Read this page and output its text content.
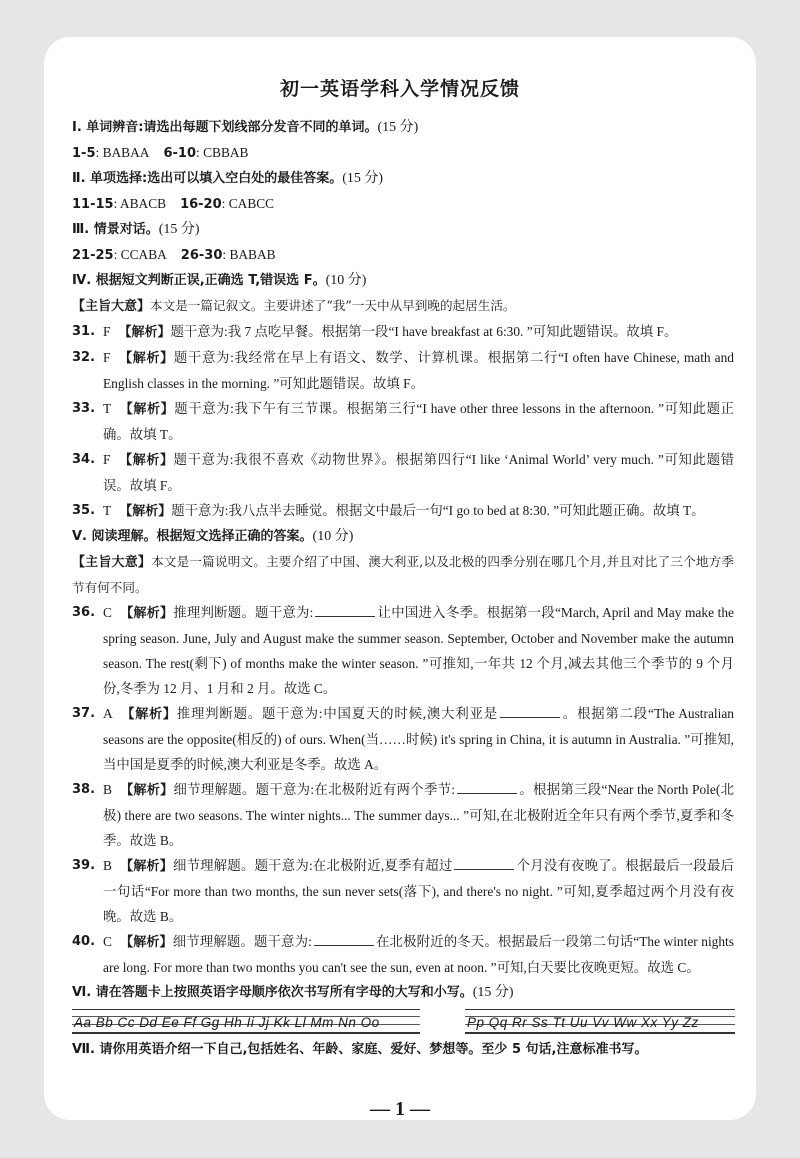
初一英语学科入学情况反馈
Ⅰ. 单词辨音:请选出每题下划线部分发音不同的单词。(15 分)
1-5: BABAA 6-10: CBBAB
Ⅱ. 单项选择:选出可以填入空白处的最佳答案。(15 分)
11-15: ABACB 16-20: CABCC
Ⅲ. 情景对话。(15 分)
21-25: CCABA 26-30: BABAB
Ⅳ. 根据短文判断正误,正确选 T,错误选 F。(10 分)
【主旨大意】本文是一篇记叙文。主要讲述了“我”一天中从早到晚的起居生活。
31. F 【解析】题干意为:我 7 点吃早餐。根据第一段“I have breakfast at 6:30. ”可知此题错误。故填 F。
32. F 【解析】题干意为:我经常在早上有语文、数学、计算机课。根据第二行“I often have Chinese, math and English classes in the morning. ”可知此题错误。故填 F。
33. T 【解析】题干意为:我下午有三节课。根据第三行“I have other three lessons in the afternoon. ”可知此题正确。故填 T。
34. F 【解析】题干意为:我很不喜欢《动物世界》。根据第四行“I like ‘Animal World’ very much. ”可知此题错误。故填 F。
35. T 【解析】题干意为:我八点半去睡觉。根据文中最后一句“I go to bed at 8:30. ”可知此题正确。故填 T。
Ⅴ. 阅读理解。根据短文选择正确的答案。(10 分)
【主旨大意】本文是一篇说明文。主要介绍了中国、澳大利亚,以及北极的四季分别在哪几个月,并且对比了三个地方季节有何不同。
36. C 【解析】推理判断题。题干意为:	让中国进入冬季。根据第一段“March, April and May make the spring season. June, July and August make the summer season. September, October and November make the autumn season. The rest(剩下) of months make the winter season. ”可推知,一年共 12 个月,减去其他三个季节的 9 个月份,冬季为 12 月、1 月和 2 月。故选 C。
37. A 【解析】推理判断题。题干意为:中国夏天的时候,澳大利亚是	。根据第二段“The Australian seasons are the opposite(相反的) of ours. When(当……时候) it's spring in China, it is autumn in Australia. ”可推知,当中国是夏季的时候,澳大利亚是冬季。故选 A。
38. B 【解析】细节理解题。题干意为:在北极附近有两个季节:	。根据第三段“Near the North Pole(北极) there are two seasons. The winter nights... The summer days... ”可知,在北极附近全年只有两个季节,夏季和冬季。故选 B。
39. B 【解析】细节理解题。题干意为:在北极附近,夏季有超过	个月没有夜晚了。根据最后一段最后一句话“For more than two months, the sun never sets(落下), and there's no night. ”可知,夏季超过两个月没有夜晚。故选 B。
40. C 【解析】细节理解题。题干意为:	在北极附近的冬天。根据最后一段第二句话“The winter nights are long. For more than two months you can't see the sun, even at noon. ”可知,白天要比夜晚更短。故选 C。
Ⅵ. 请在答题卡上按照英语字母顺序依次书写所有字母的大写和小写。(15 分)
Aa Bb Cc Dd Ee Ff Gg Hh Ii Jj Kk Ll Mm Nn Oo	Pp Qq Rr Ss Tt Uu Vv Ww Xx Yy Zz
Ⅶ. 请你用英语介绍一下自己,包括姓名、年龄、家庭、爱好、梦想等。至少 5 句话,注意标准书写。
— 1 —
